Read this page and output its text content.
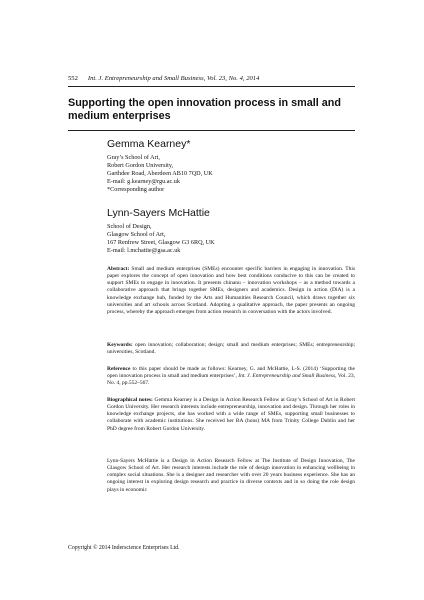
552 Int. J. Entrepreneurship and Small Business, Vol. 23, No. 4, 2014
Supporting the open innovation process in small and
medium enterprises
Gemma Kearney*
Gray’s School of Art,
Robert Gordon University,
Garthdee Road, Aberdeen AB10 7QD, UK
E-mail: g.kearney@rgu.ac.uk
*Corresponding author
Lynn-Sayers McHattie
School of Design,
Glasgow School of Art,
167 Renfrew Street, Glasgow G3 6RQ, UK
E-mail: l.mchattie@gsa.ac.uk
Abstract: Small and medium enterprises (SMEs) encounter specific barriers in engaging in innovation. This paper explores the concept of open innovation and how best conditions conducive to this can be created to support SMEs to engage in innovation. It presents chinanu – innovation workshops – as a method towards a collaborative approach that brings together SMEs, designers and academics. Design in action (DiA) is a knowledge exchange hub, funded by the Arts and Humanities Research Council, which draws together six universities and art schools across Scotland. Adopting a qualitative approach, the paper presents an ongoing process, whereby the approach emerges from action research in conversation with the actors involved.
Keywords: open innovation; collaboration; design; small and medium enterprises; SMEs; entrepreneurship; universities, Scotland.
Reference to this paper should be made as follows: Kearney, G. and McHattie, L-S. (2014) ‘Supporting the open innovation process in small and medium enterprises’, Int. J. Entrepreneurship and Small Business, Vol. 23, No. 4, pp.552–567.
Biographical notes: Gemma Kearney is a Design in Action Research Fellow at Gray’s School of Art in Robert Gordon University. Her research interests include entrepreneurship, innovation and design. Through her roles in knowledge exchange projects, she has worked with a wide range of SMEs, supporting small businesses to collaborate with academic institutions. She received her BA (hons) MA from Trinity College Dublin and her PhD degree from Robert Gordon University.
Lynn-Sayers McHattie is a Design in Action Research Fellow at The Institute of Design Innovation, The Glasgow School of Art. Her research interests include the role of design innovation in enhancing wellbeing in complex social situations. She is a designer and researcher with over 20 years business experience. She has an ongoing interest in exploring design research and practice in diverse contexts and in so doing the role design plays in economic
Copyright © 2014 Inderscience Enterprises Ltd.
